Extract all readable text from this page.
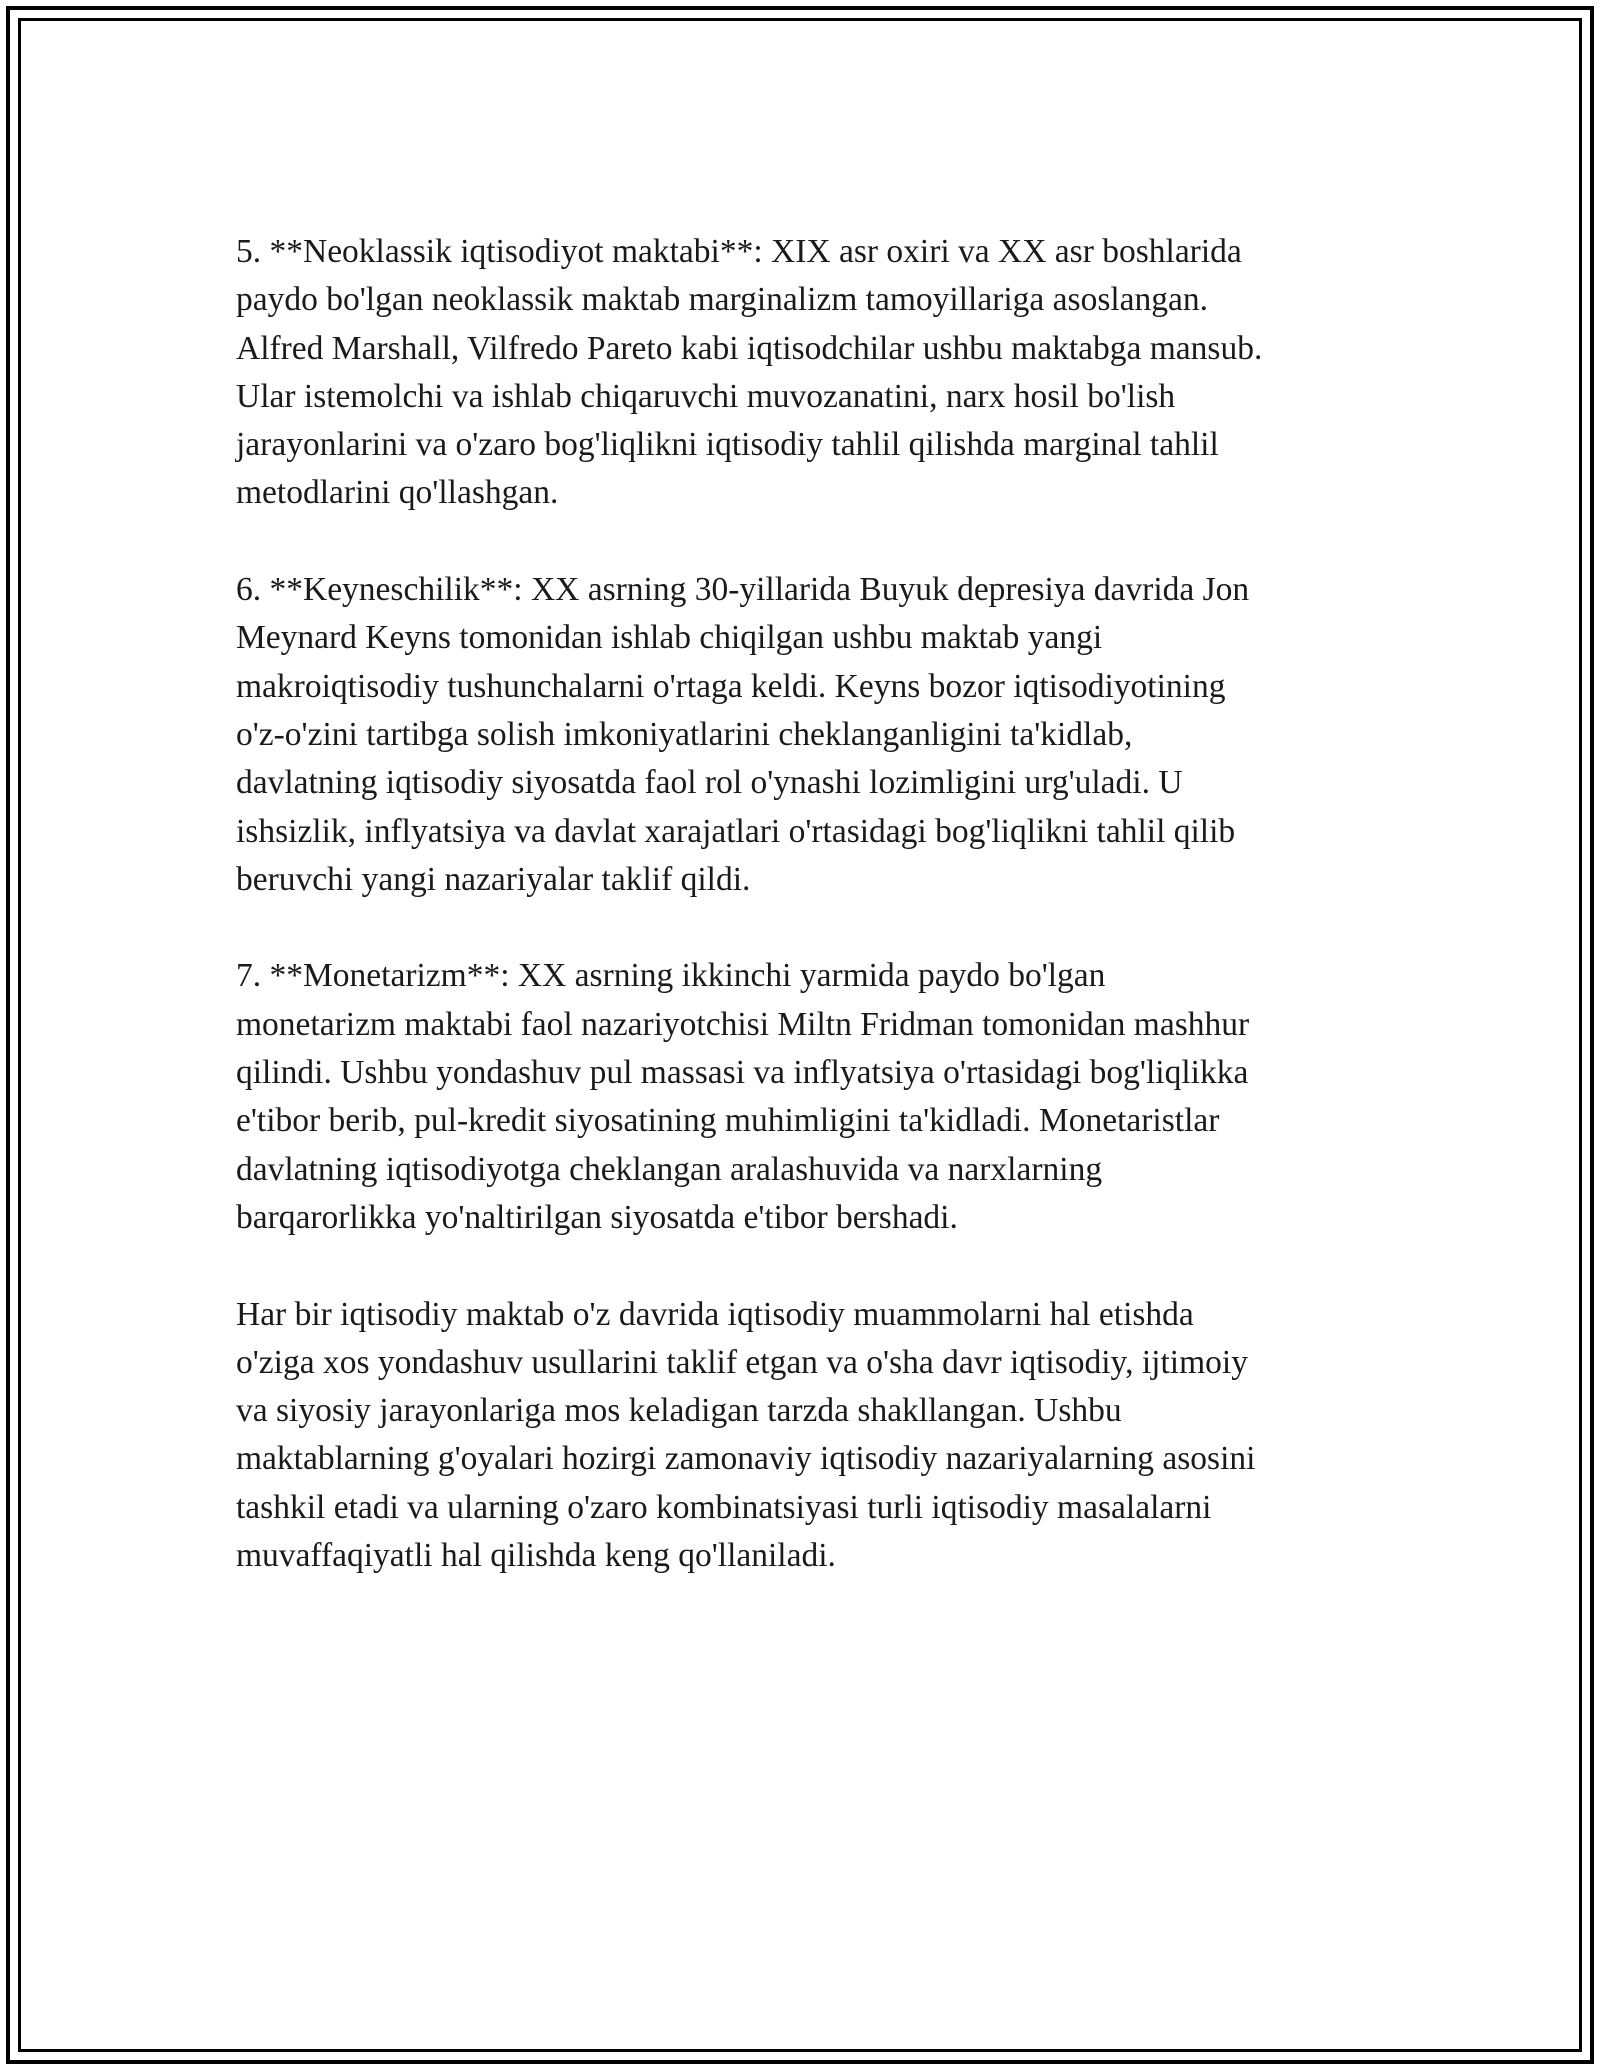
5. **Neoklassik iqtisodiyot maktabi**: XIX asr oxiri va XX asr boshlarida
paydo bo'lgan neoklassik maktab marginalizm tamoyillariga asoslangan.
Alfred Marshall, Vilfredo Pareto kabi iqtisodchilar ushbu maktabga mansub.
Ular istemolchi va ishlab chiqaruvchi muvozanatini, narx hosil bo'lish
jarayonlarini va o'zaro bog'liqlikni iqtisodiy tahlil qilishda marginal tahlil
metodlarini qo'llashgan.

6. **Keyneschilik**: XX asrning 30-yillarida Buyuk depresiya davrida Jon
Meynard Keyns tomonidan ishlab chiqilgan ushbu maktab yangi
makroiqtisodiy tushunchalarni o'rtaga keldi. Keyns bozor iqtisodiyotining
o'z-o'zini tartibga solish imkoniyatlarini cheklanganligini ta'kidlab,
davlatning iqtisodiy siyosatda faol rol o'ynashi lozimligini urg'uladi. U
ishsizlik, inflyatsiya va davlat xarajatlari o'rtasidagi bog'liqlikni tahlil qilib
beruvchi yangi nazariyalar taklif qildi.

7. **Monetarizm**: XX asrning ikkinchi yarmida paydo bo'lgan
monetarizm maktabi faol nazariyotchisi Miltn Fridman tomonidan mashhur
qilindi. Ushbu yondashuv pul massasi va inflyatsiya o'rtasidagi bog'liqlikka
e'tibor berib, pul-kredit siyosatining muhimligini ta'kidladi. Monetaristlar
davlatning iqtisodiyotga cheklangan aralashuvida va narxlarning
barqarorlikka yo'naltirilgan siyosatda e'tibor bershadi.

Har bir iqtisodiy maktab o'z davrida iqtisodiy muammolarni hal etishda
o'ziga xos yondashuv usullarini taklif etgan va o'sha davr iqtisodiy, ijtimoiy
va siyosiy jarayonlariga mos keladigan tarzda shakllangan. Ushbu
maktablarning g'oyalari hozirgi zamonaviy iqtisodiy nazariyalarning asosini
tashkil etadi va ularning o'zaro kombinatsiyasi turli iqtisodiy masalalarni
muvaffaqiyatli hal qilishda keng qo'llaniladi.
